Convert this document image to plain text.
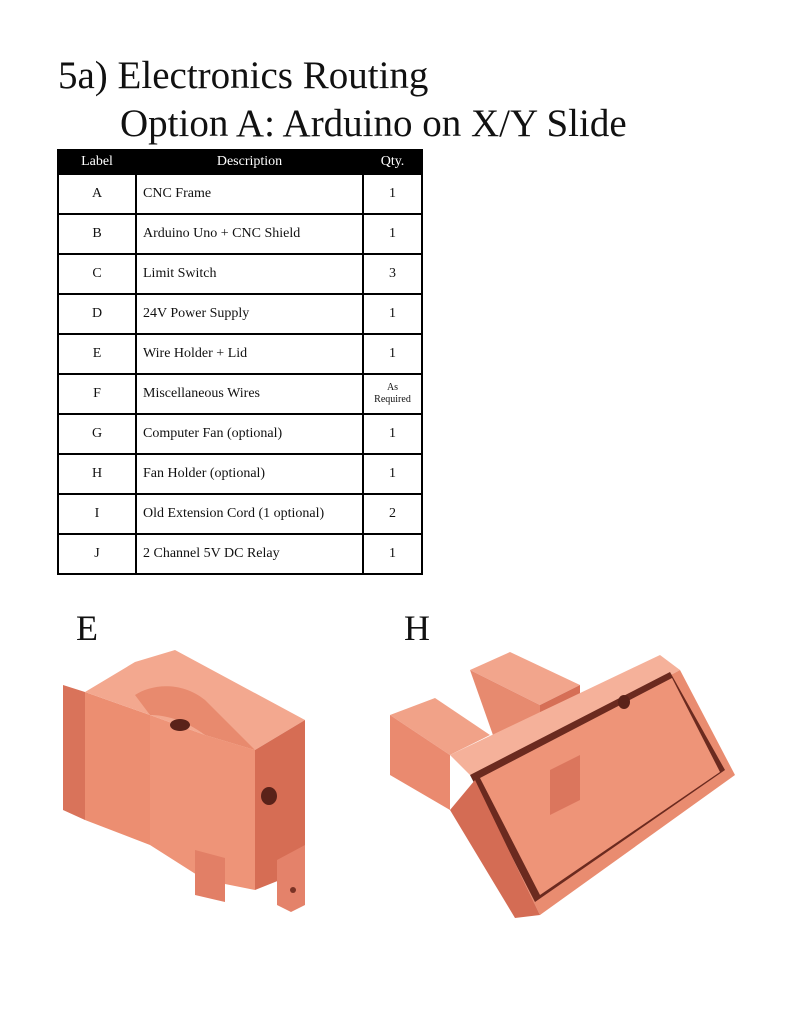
5a) Electronics Routing
Option A: Arduino on X/Y Slide
Label	Description	Qty.
A	CNC Frame	1
B	Arduino Uno + CNC Shield	1
C	Limit Switch	3
D	24V Power Supply	1
E	Wire Holder + Lid	1
F	Miscellaneous Wires	As
Required
G	Computer Fan (optional)	1
H	Fan Holder (optional)	1
I	Old Extension Cord (1 optional)	2
J	2 Channel 5V DC Relay	1
E	H
